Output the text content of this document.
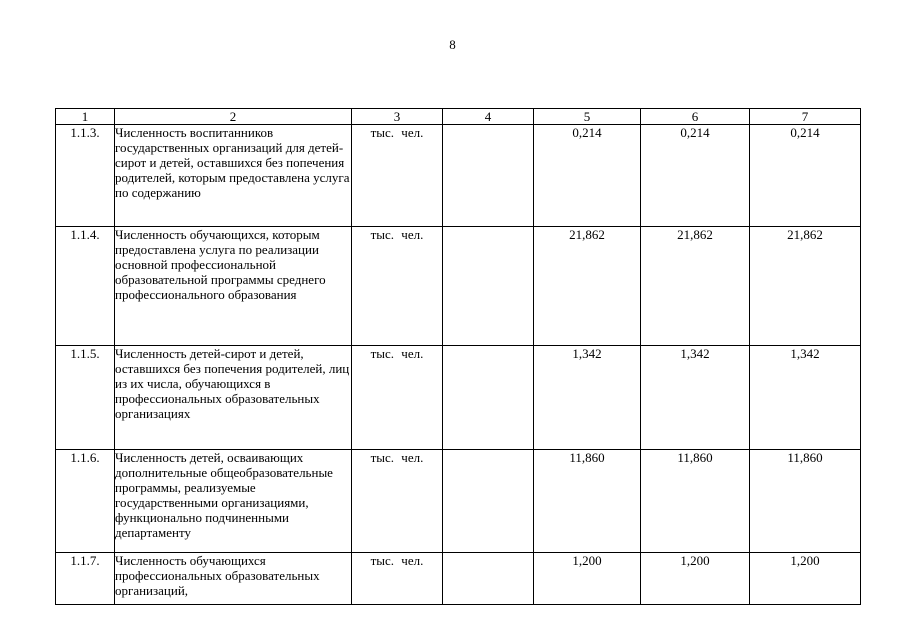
8
1	2	3	4	5	6	7
1.1.3.	Численность воспитанников государственных организаций для детей-сирот и детей, оставшихся без попечения родителей, которым предоставлена услуга по содержанию	тыс. чел.		0,214	0,214	0,214
1.1.4.	Численность обучающихся, которым предоставлена услуга по реализации основной профессиональной образовательной программы среднего профессионального образования	тыс. чел.		21,862	21,862	21,862
1.1.5.	Численность детей-сирот и детей, оставшихся без попечения родителей, лиц из их числа, обучающихся в профессиональных образовательных организациях	тыс. чел.		1,342	1,342	1,342
1.1.6.	Численность детей, осваивающих дополнительные общеобразовательные программы, реализуемые государственными организациями, функционально подчиненными департаменту	тыс. чел.		11,860	11,860	11,860
1.1.7.	Численность обучающихся профессиональных образовательных организаций,	тыс. чел.		1,200	1,200	1,200
